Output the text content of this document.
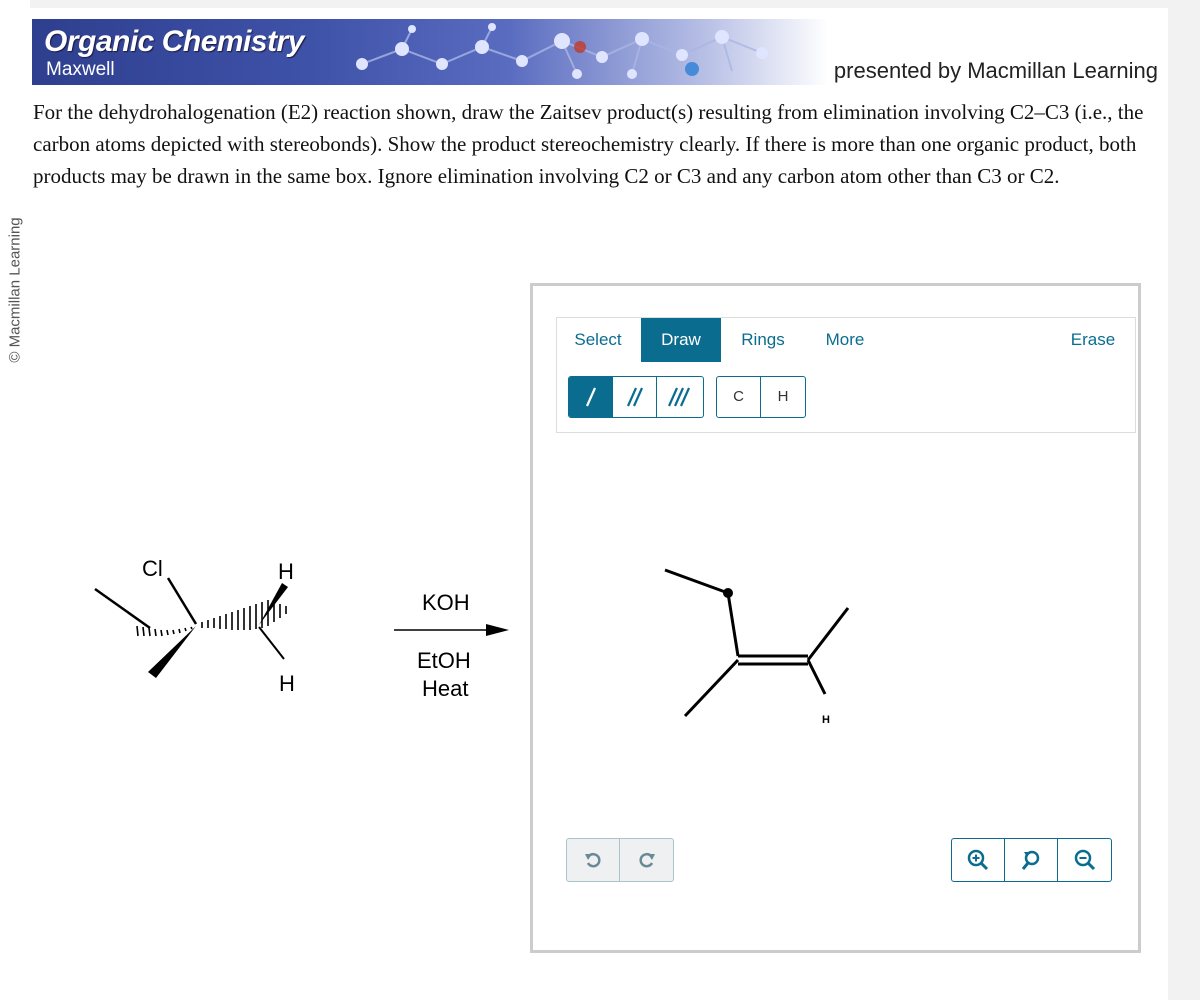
© Macmillan Learning
Organic Chemistry
Maxwell	presented by Macmillan Learning
For the dehydrohalogenation (E2) reaction shown, draw the Zaitsev product(s) resulting from elimination involving C2–C3 (i.e., the carbon atoms depicted with stereobonds). Show the product stereochemistry clearly. If there is more than one organic product, both products may be drawn in the same box. Ignore elimination involving C2 or C3 and any carbon atom other than C3 or C2.
Cl	H
H
KOH
EtOH
Heat
Select	Draw	Rings	More	Erase
C	H
H
